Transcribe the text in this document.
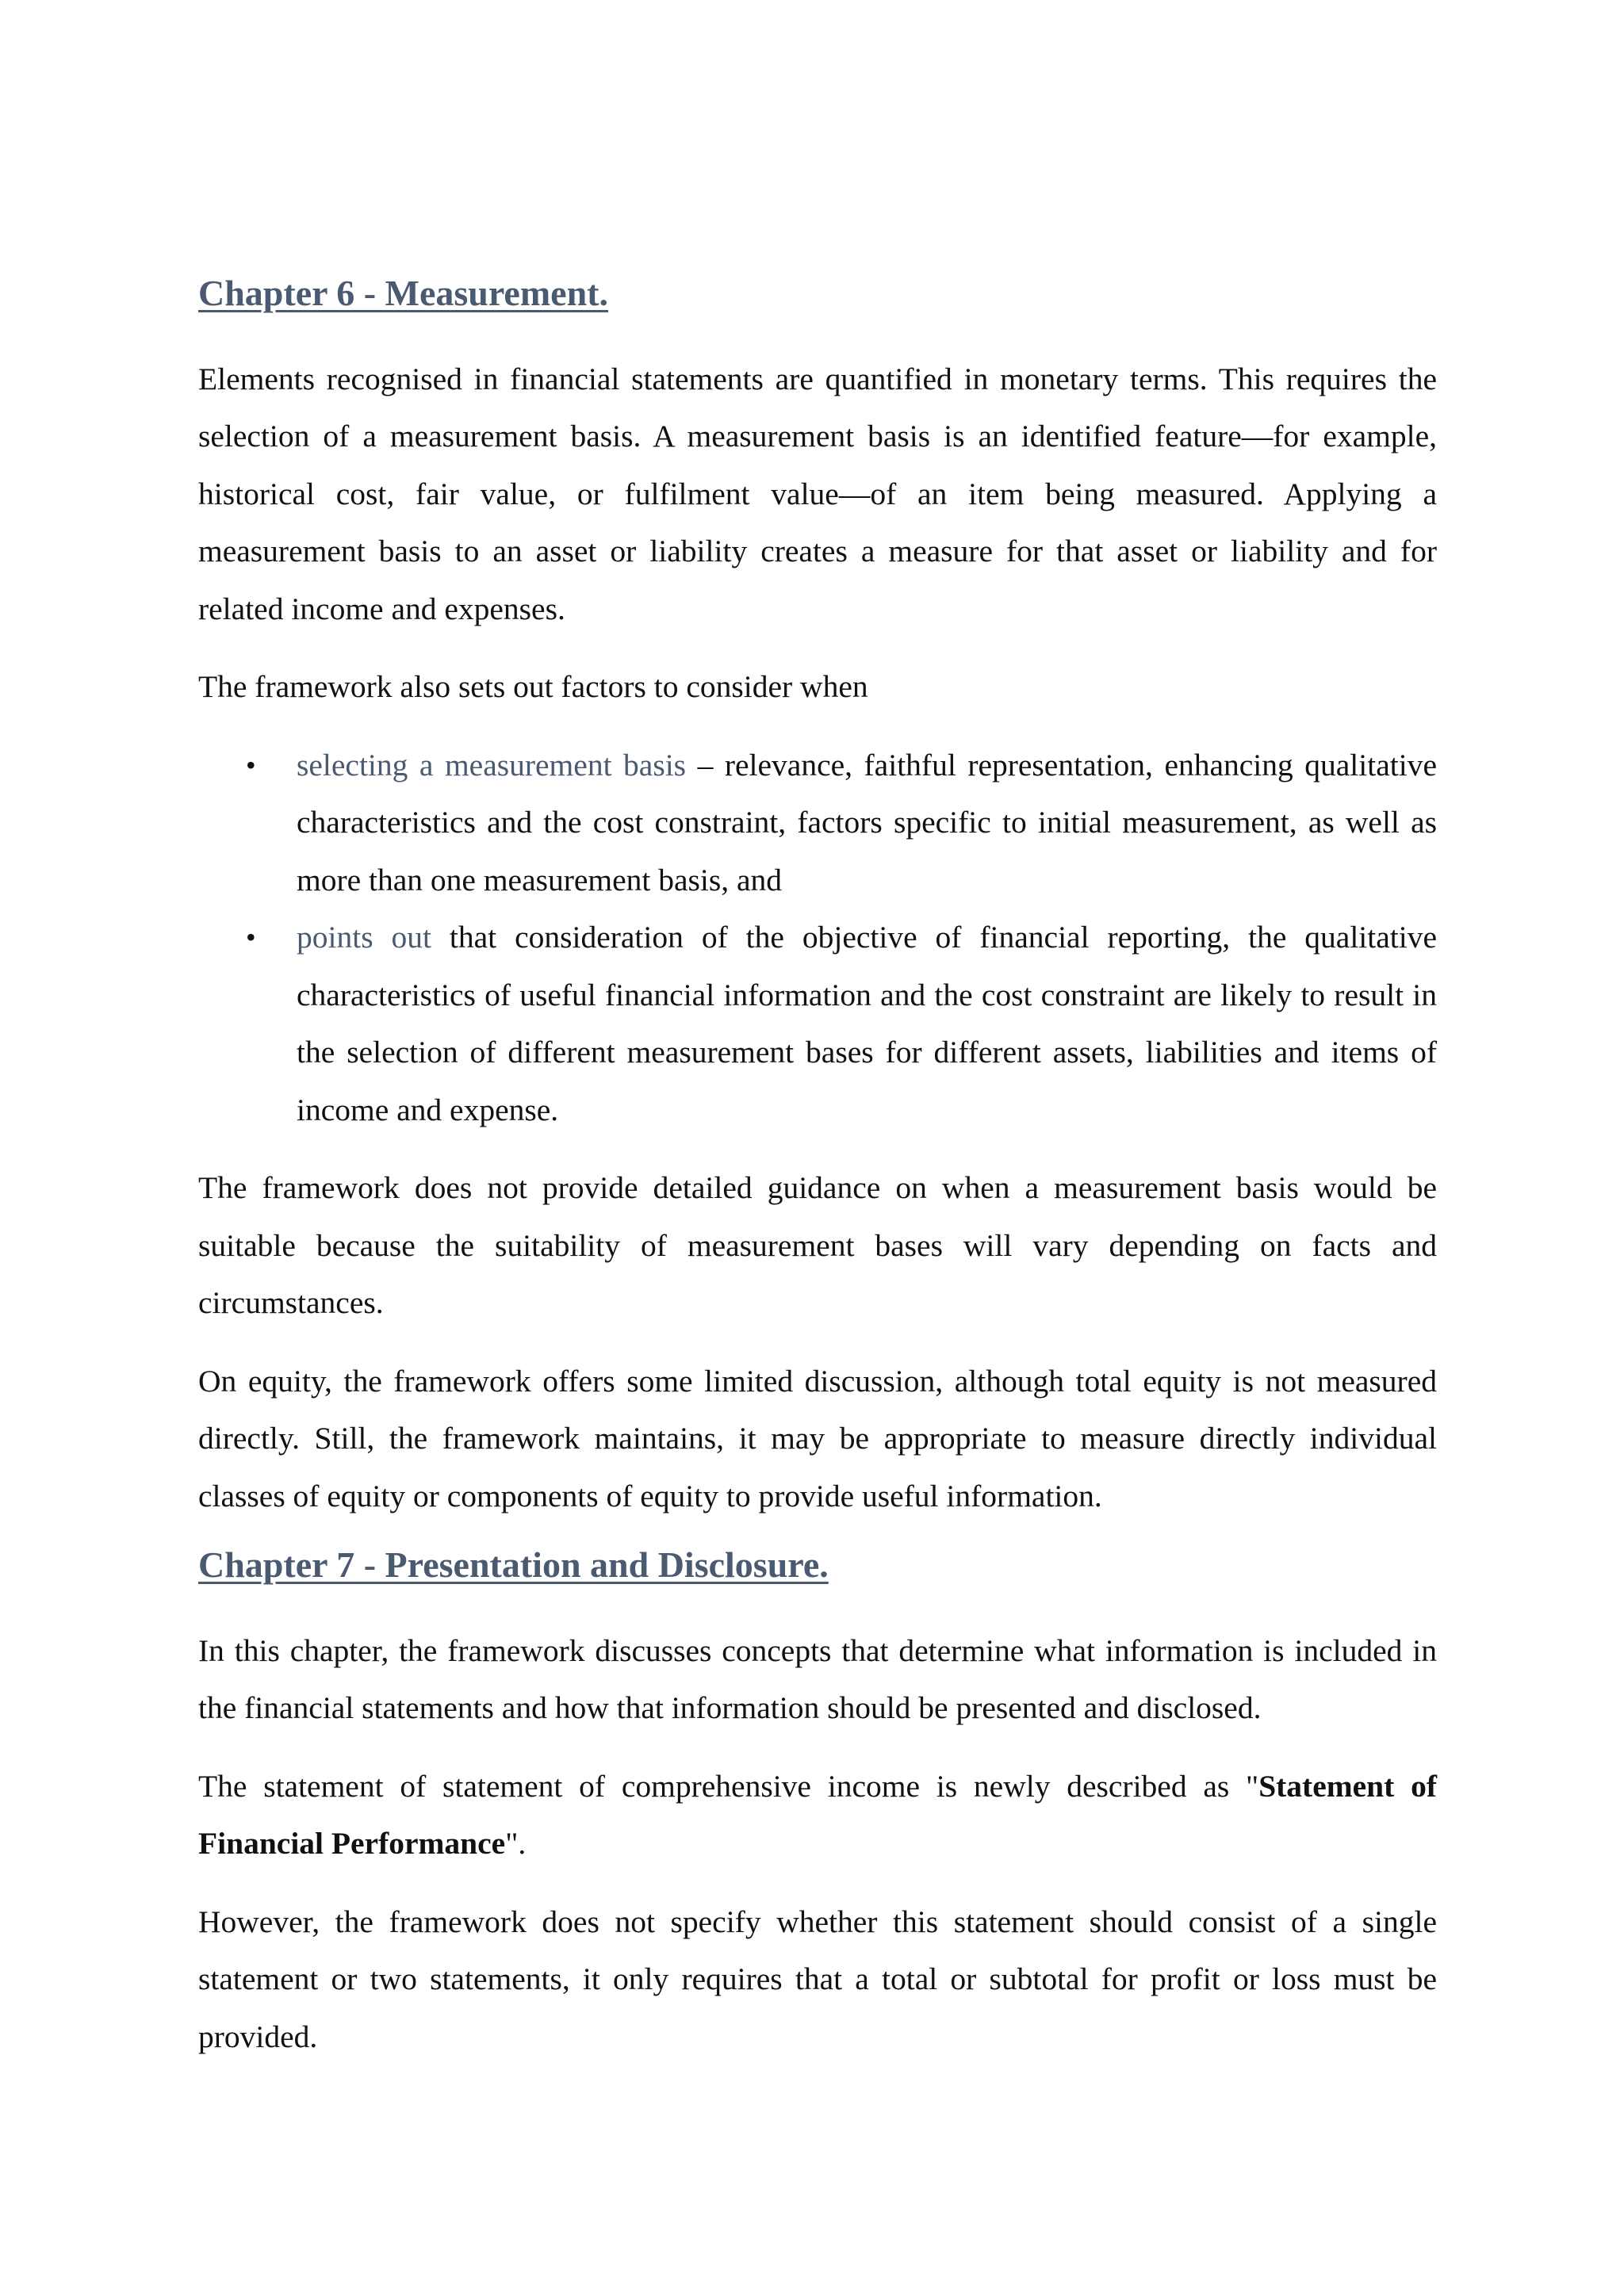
Chapter 6 - Measurement.

Elements recognised in financial statements are quantified in monetary terms. This requires the selection of a measurement basis. A measurement basis is an identified feature—for example, historical cost, fair value, or fulfilment value—of an item being measured. Applying a measurement basis to an asset or liability creates a measure for that asset or liability and for related income and expenses.

The framework also sets out factors to consider when

• selecting a measurement basis – relevance, faithful representation, enhancing qualitative characteristics and the cost constraint, factors specific to initial measurement, as well as more than one measurement basis, and
• points out that consideration of the objective of financial reporting, the qualitative characteristics of useful financial information and the cost constraint are likely to result in the selection of different measurement bases for different assets, liabilities and items of income and expense.

The framework does not provide detailed guidance on when a measurement basis would be suitable because the suitability of measurement bases will vary depending on facts and circumstances.

On equity, the framework offers some limited discussion, although total equity is not measured directly. Still, the framework maintains, it may be appropriate to measure directly individual classes of equity or components of equity to provide useful information.

Chapter 7 - Presentation and Disclosure.

In this chapter, the framework discusses concepts that determine what information is included in the financial statements and how that information should be presented and disclosed.

The statement of statement of comprehensive income is newly described as "Statement of Financial Performance".

However, the framework does not specify whether this statement should consist of a single statement or two statements, it only requires that a total or subtotal for profit or loss must be provided.
